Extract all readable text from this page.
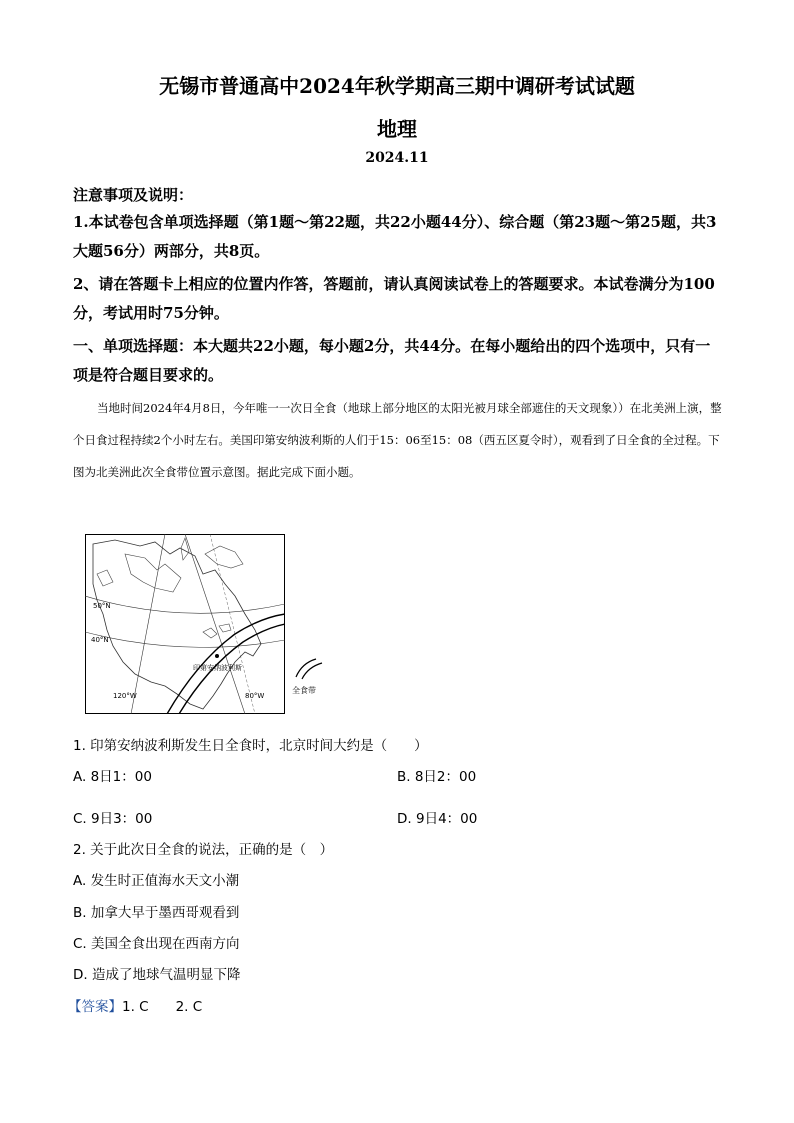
无锡市普通高中2024年秋学期高三期中调研考试试题
地理
2024.11
注意事项及说明：
1.本试卷包含单项选择题（第1题～第22题，共22小题44分）、综合题（第23题～第25题，共3大题56分）两部分，共8页。
2、请在答题卡上相应的位置内作答，答题前，请认真阅读试卷上的答题要求。本试卷满分为100分，考试用时75分钟。
一、单项选择题：本大题共22小题，每小题2分，共44分。在每小题给出的四个选项中，只有一项是符合题目要求的。
当地时间2024年4月8日，今年唯一一次日全食（地球上部分地区的太阳光被月球全部遮住的天文现象））在北美洲上演，整个日食过程持续2个小时左右。美国印第安纳波利斯的人们于15：06至15：08（西五区夏令时），观看到了日全食的全过程。下图为北美洲此次全食带位置示意图。据此完成下面小题。
50°N
40°N
120°W	80°W
印第安纳波利斯
全食带
1. 印第安纳波利斯发生日全食时，北京时间大约是（　　）
A. 8日1：00	B. 8日2：00
C. 9日3：00	D. 9日4：00
2. 关于此次日全食的说法，正确的是（　）
A. 发生时正值海水天文小潮
B. 加拿大早于墨西哥观看到
C. 美国全食出现在西南方向
D. 造成了地球气温明显下降
【答案】1. C　　2. C
